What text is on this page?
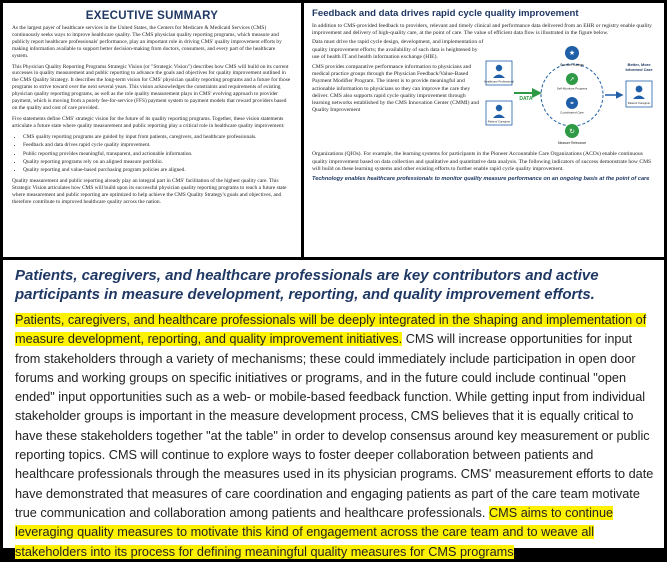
EXECUTIVE SUMMARY

As the largest payer of healthcare services in the United States, the Centers for Medicare & Medicaid Services (CMS) continuously seeks ways to improve healthcare quality. The CMS physician quality reporting programs, which measure and publicly report healthcare professionals' performance, play an important role in driving CMS' quality improvement efforts by making information available to support better decision-making from doctors, consumers, and every part of the healthcare system.

This Physician Quality Reporting Programs Strategic Vision (or "Strategic Vision") describes how CMS will build on its current successes in quality measurement and public reporting to advance the goals and objectives for quality improvement outlined in the CMS Quality Strategy. It describes the long-term vision for CMS' physician quality reporting programs and a future for those programs to strive toward over the next several years. This vision acknowledges the constraints and requirements of existing physician quality reporting programs, as well as the role quality measurement plays in CMS' evolving approach to provider payment, which is moving from a purely fee-for-service (FFS) payment system to payment models that reward providers based on the quality and cost of care provided.

Five statements define CMS' strategic vision for the future of its quality reporting programs. Together, these vision statements articulate a future state where quality measurement and public reporting play a critical role in healthcare quality improvement:

• CMS quality reporting programs are guided by input from patients, caregivers, and healthcare professionals.
• Feedback and data drives rapid cycle quality improvement.
• Public reporting provides meaningful, transparent, and actionable information.
• Quality reporting programs rely on an aligned measure portfolio.
• Quality reporting and value-based purchasing program policies are aligned.

Quality measurement and public reporting already play an integral part in CMS' facilitation of the highest quality care. This Strategic Vision articulates how CMS will build upon its successful physician quality reporting programs to reach a future state where measurement and public reporting are optimized to help achieve the CMS Quality Strategy's goals and objectives, and therefore contribute to improved healthcare quality across the nation.

Feedback and data drives rapid cycle quality improvement
In addition to CMS-provided feedback to providers, relevant and timely clinical and performance data delivered from an EHR or registry enable quality improvement and delivery of high-quality care, at the point of care. The value of efficient data flow is illustrated in the figure below.

Data must drive the rapid cycle design, development, and implementation of quality improvement efforts; the availability of such data is heightened by use of health IT and health information exchange (HIE).

CMS provides comparative performance information to physicians and medical practice groups through the Physician Feedback/Value-Based Payment Modifier Program. The intent is to provide meaningful and actionable information to physicians so they can improve the care they deliver. CMS also supports rapid cycle quality improvement through learning networks established by the CMS Innovation Center (CMMI) and Quality Improvement

Healthcare Professional
Patient/ Caregiver
DATA
★
Provider Ratings
↗
Self-Monitors Progress
⚭
Coordinated Care
↻
Measure Relevance
Better, More
Informed Care
Patient/ Caregiver

Organizations (QIOs). For example, the learning systems for participants in the Pioneer Accountable Care Organizations (ACOs) enable continuous quality improvement based on data collection and qualitative and quantitative data analysis. The following indicators of success demonstrate how CMS will build on these learning systems and other existing efforts to further enable rapid cycle quality improvement.

Technology enables healthcare professionals to monitor quality measure performance on an ongoing basis at the point of care
Patients, caregivers, and healthcare professionals are key contributors and active participants in measure development, reporting, and quality improvement efforts.
Patients, caregivers, and healthcare professionals will be deeply integrated in the shaping and implementation of measure development, reporting, and quality improvement initiatives. CMS will increase opportunities for input from stakeholders through a variety of mechanisms; these could immediately include participation in open door forums and working groups on specific initiatives or programs, and in the future could include continual "open ended" input opportunities such as a web- or mobile-based feedback function. While getting input from individual stakeholder groups is important in the measure development process, CMS believes that it is equally critical to have these stakeholders together "at the table" in order to develop consensus around key measurement or public reporting topics. CMS will continue to explore ways to foster deeper collaboration between patients and healthcare professionals through the measures used in its physician programs. CMS' measurement efforts to date have demonstrated that measures of care coordination and engaging patients as part of the care team motivate true communication and collaboration among patients and healthcare professionals. CMS aims to continue leveraging quality measures to motivate this kind of engagement across the care team and to weave all stakeholders into its process for defining meaningful quality measures for CMS programs.
